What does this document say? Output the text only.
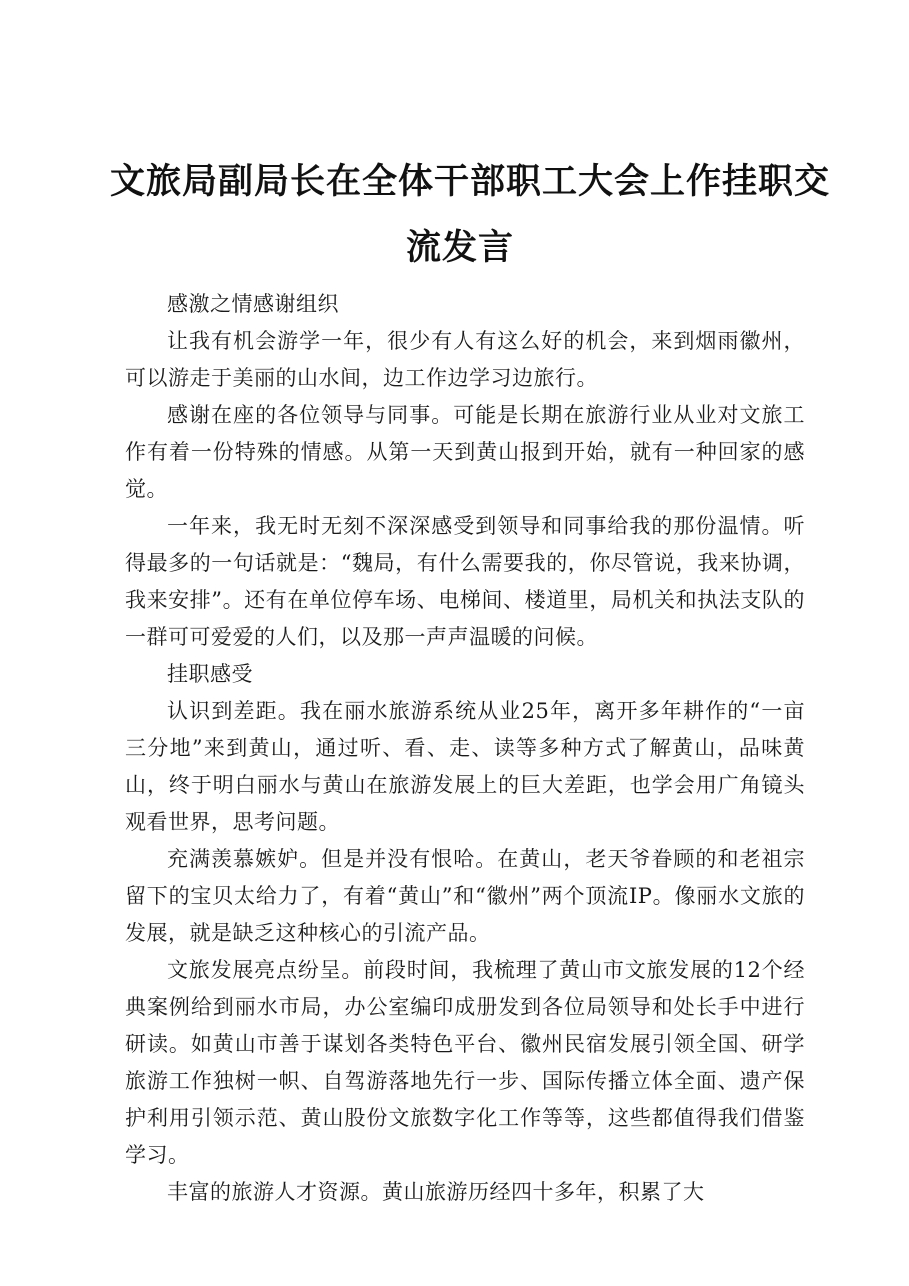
文旅局副局长在全体干部职工大会上作挂职交
流发言

感激之情感谢组织

让我有机会游学一年，很少有人有这么好的机会，来到烟雨徽州，可以游走于美丽的山水间，边工作边学习边旅行。

感谢在座的各位领导与同事。可能是长期在旅游行业从业对文旅工作有着一份特殊的情感。从第一天到黄山报到开始，就有一种回家的感觉。

一年来，我无时无刻不深深感受到领导和同事给我的那份温情。听得最多的一句话就是：“魏局，有什么需要我的，你尽管说，我来协调，我来安排”。还有在单位停车场、电梯间、楼道里，局机关和执法支队的一群可可爱爱的人们，以及那一声声温暖的问候。

挂职感受

认识到差距。我在丽水旅游系统从业25年，离开多年耕作的“一亩三分地”来到黄山，通过听、看、走、读等多种方式了解黄山，品味黄山，终于明白丽水与黄山在旅游发展上的巨大差距，也学会用广角镜头观看世界，思考问题。

充满羡慕嫉妒。但是并没有恨哈。在黄山，老天爷眷顾的和老祖宗留下的宝贝太给力了，有着“黄山”和“徽州”两个顶流IP。像丽水文旅的发展，就是缺乏这种核心的引流产品。

文旅发展亮点纷呈。前段时间，我梳理了黄山市文旅发展的12个经典案例给到丽水市局，办公室编印成册发到各位局领导和处长手中进行研读。如黄山市善于谋划各类特色平台、徽州民宿发展引领全国、研学旅游工作独树一帜、自驾游落地先行一步、国际传播立体全面、遗产保护利用引领示范、黄山股份文旅数字化工作等等，这些都值得我们借鉴学习。

丰富的旅游人才资源。黄山旅游历经四十多年，积累了大
